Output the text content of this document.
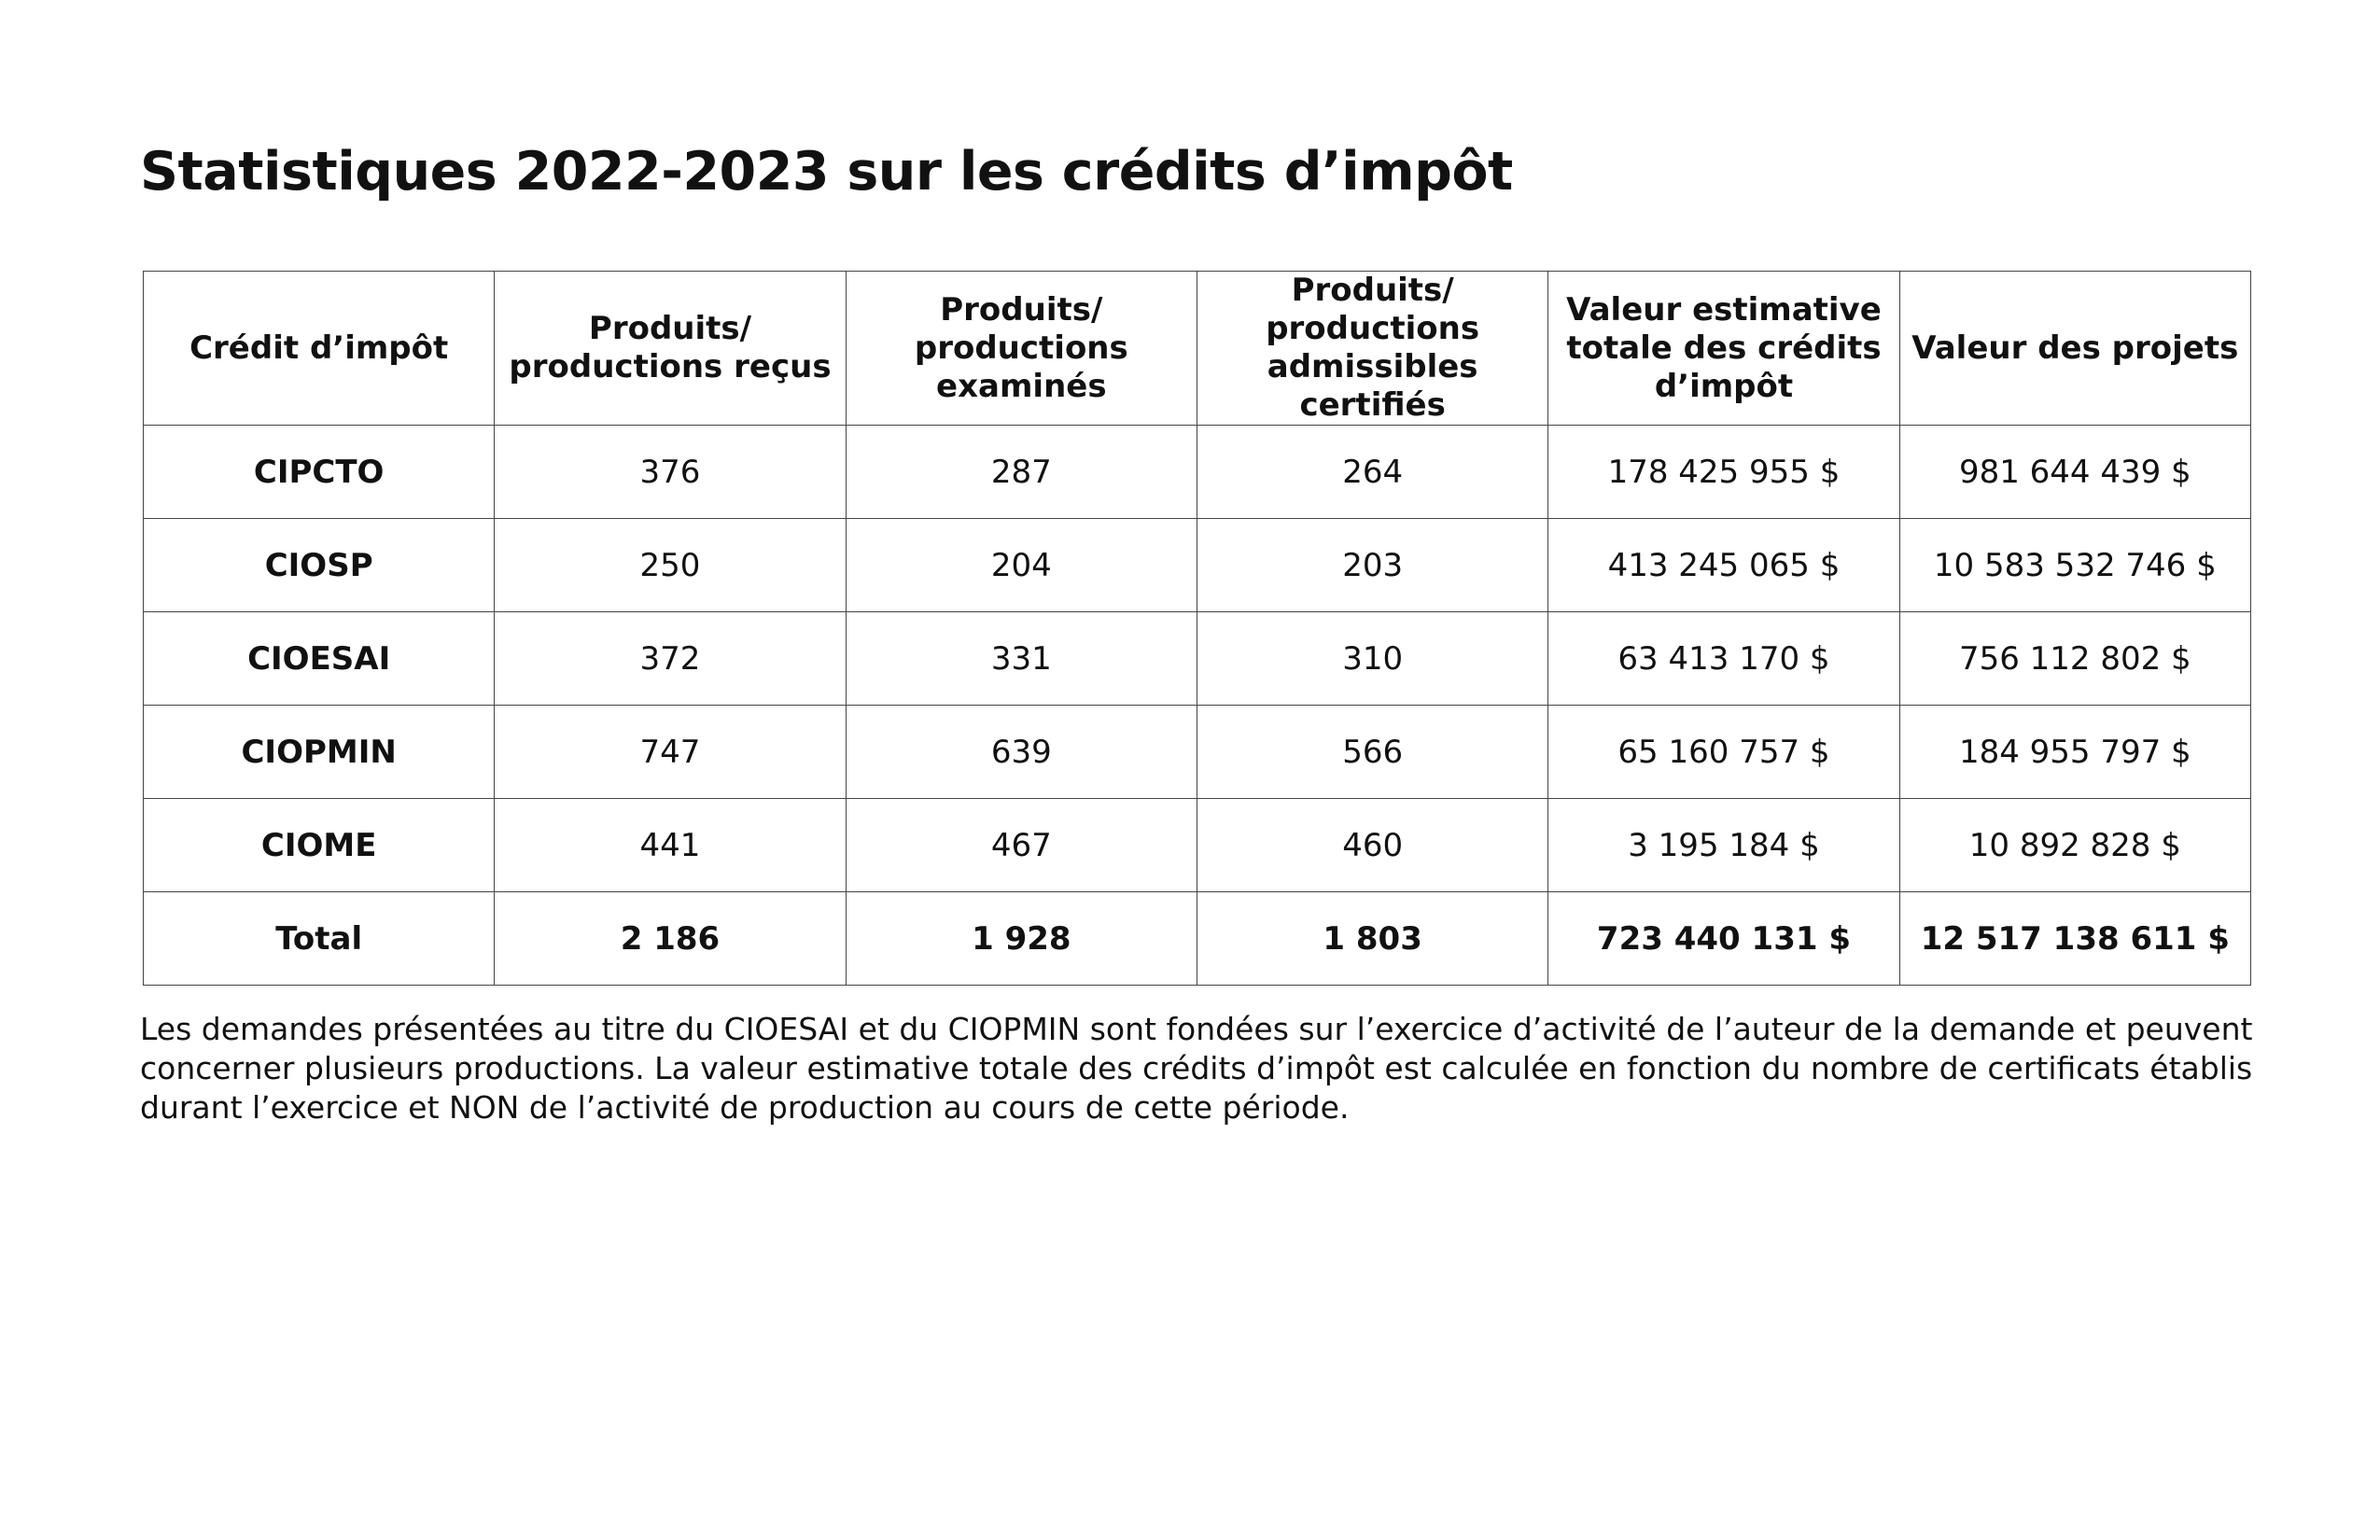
Statistiques 2022-2023 sur les crédits d’impôt
Crédit d’impôt	Produits/ productions reçus	Produits/ productions examinés	Produits/ productions admissibles certifiés	Valeur estimative totale des crédits d’impôt	Valeur des projets
CIPCTO	376	287	264	178 425 955 $	981 644 439 $
CIOSP	250	204	203	413 245 065 $	10 583 532 746 $
CIOESAI	372	331	310	63 413 170 $	756 112 802 $
CIOPMIN	747	639	566	65 160 757 $	184 955 797 $
CIOME	441	467	460	3 195 184 $	10 892 828 $
Total	2 186	1 928	1 803	723 440 131 $	12 517 138 611 $

Les demandes présentées au titre du CIOESAI et du CIOPMIN sont fondées sur l’exercice d’activité de l’auteur de la demande et peuvent concerner plusieurs productions. La valeur estimative totale des crédits d’impôt est calculée en fonction du nombre de certificats établis durant l’exercice et NON de l’activité de production au cours de cette période.
